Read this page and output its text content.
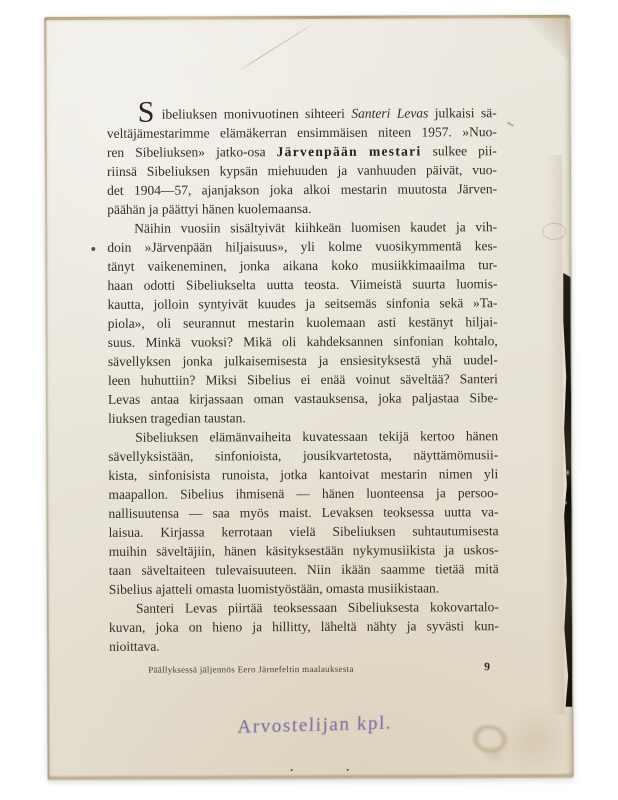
S ibeliuksen monivuotinen sihteeri Santeri Levas julkaisi sä-
veltäjämestarimme elämäkerran ensimmäisen niteen 1957. »Nuo-
ren Sibeliuksen» jatko-osa Järvenpään mestari sulkee pii-
riinsä Sibeliuksen kypsän miehuuden ja vanhuuden päivät, vuo-
det 1904—57, ajanjakson joka alkoi mestarin muutosta Järven-
päähän ja päättyi hänen kuolemaansa.
Näihin vuosiin sisältyivät kiihkeän luomisen kaudet ja vih-
doin »Järvenpään hiljaisuus», yli kolme vuosikymmentä kes-
tänyt vaikeneminen, jonka aikana koko musiikkimaailma tur-
haan odotti Sibeliukselta uutta teosta. Viimeistä suurta luomis-
kautta, jolloin syntyivät kuudes ja seitsemäs sinfonia sekä »Ta-
piola», oli seurannut mestarin kuolemaan asti kestänyt hiljai-
suus. Minkä vuoksi? Mikä oli kahdeksannen sinfonian kohtalo,
sävellyksen jonka julkaisemisesta ja ensiesityksestä yhä uudel-
leen huhuttiin? Miksi Sibelius ei enää voinut säveltää? Santeri
Levas antaa kirjassaan oman vastauksensa, joka paljastaa Sibe-
liuksen tragedian taustan.
Sibeliuksen elämänvaiheita kuvatessaan tekijä kertoo hänen
sävellyksistään, sinfonioista, jousikvartetosta, näyttämömusii-
kista, sinfonisista runoista, jotka kantoivat mestarin nimen yli
maapallon. Sibelius ihmisenä — hänen luonteensa ja persoo-
nallisuutensa — saa myös maist. Levaksen teoksessa uutta va-
laisua. Kirjassa kerrotaan vielä Sibeliuksen suhtautumisesta
muihin säveltäjiin, hänen käsityksestään nykymusiikista ja uskos-
taan säveltaiteen tulevaisuuteen. Niin ikään saamme tietää mitä
Sibelius ajatteli omasta luomistyöstään, omasta musiikistaan.
Santeri Levas piirtää teoksessaan Sibeliuksesta kokovartalo-
kuvan, joka on hieno ja hillitty, läheltä nähty ja syvästi kun-
nioittava.
Päällyksessä jäljennös Eero Järnefeltin maalauksesta	9
Arvostelijan kpl.
